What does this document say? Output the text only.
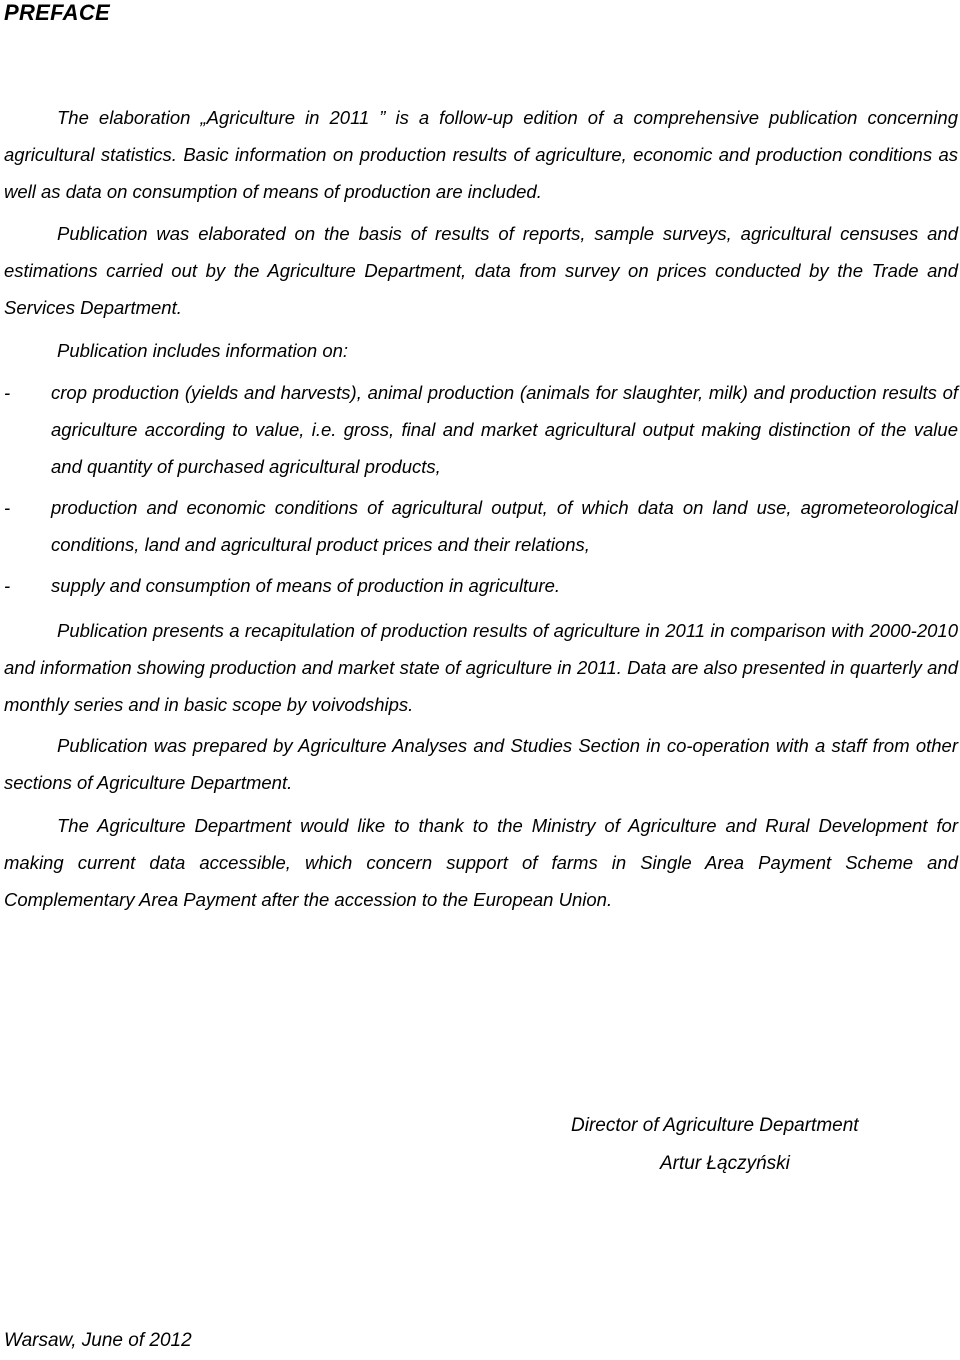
PREFACE

The elaboration „Agriculture in 2011 ” is a follow-up edition of a comprehensive publication concerning agricultural statistics. Basic information on production results of agriculture, economic and production conditions as well as data on consumption of means of production are included.

Publication was elaborated on the basis of results of reports, sample surveys, agricultural censuses and estimations carried out by the Agriculture Department, data from survey on prices conducted by the Trade and Services Department.

Publication includes information on:

- crop production (yields and harvests), animal production (animals for slaughter, milk) and production results of agriculture according to value, i.e. gross, final and market agricultural output making distinction of the value and quantity of purchased agricultural products,
- production and economic conditions of agricultural output, of which data on land use, agrometeorological conditions, land and agricultural product prices and their relations,
- supply and consumption of means of production in agriculture.

Publication presents a recapitulation of production results of agriculture in 2011 in comparison with 2000-2010 and information showing production and market state of agriculture in 2011. Data are also presented in quarterly and monthly series and in basic scope by voivodships.

Publication was prepared by Agriculture Analyses and Studies Section in co-operation with a staff from other sections of Agriculture Department.

The Agriculture Department would like to thank to the Ministry of Agriculture and Rural Development for making current data accessible, which concern support of farms in Single Area Payment Scheme and Complementary Area Payment after the accession to the European Union.

Director of Agriculture Department
Artur Łączyński
Warsaw, June of 2012
